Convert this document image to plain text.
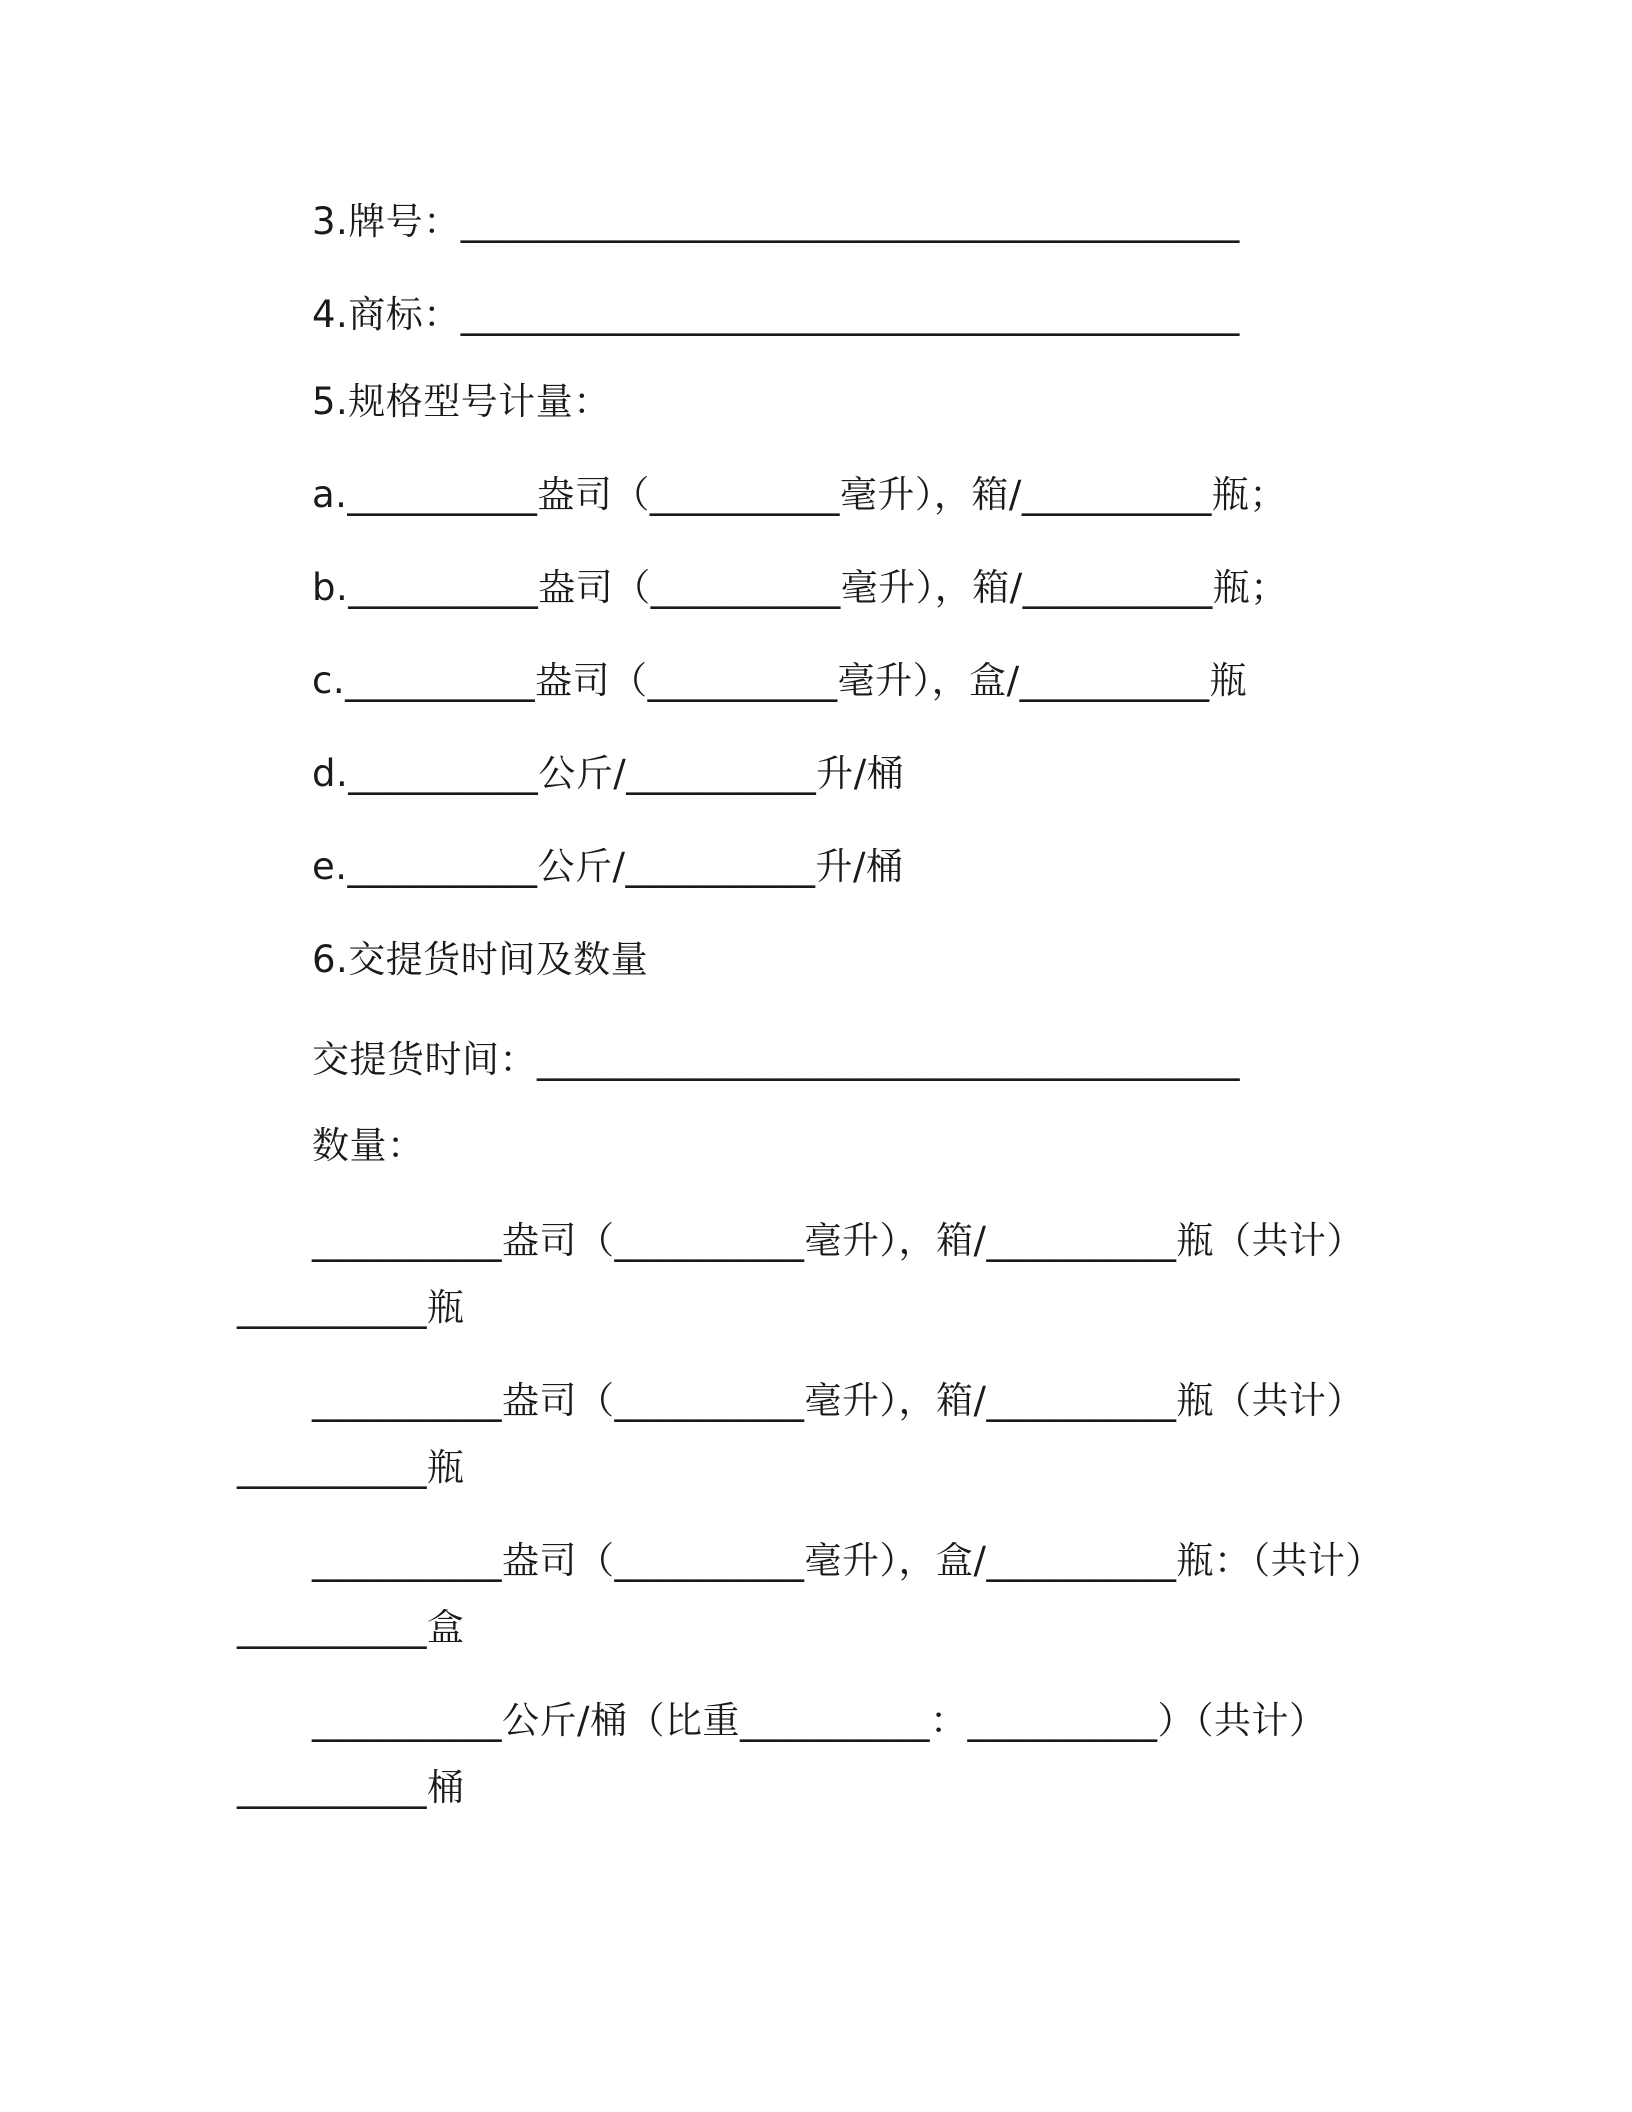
3.牌号：_________________________________________
4.商标：_________________________________________
5.规格型号计量：
a.__________盎司（__________毫升），箱/__________瓶；
b.__________盎司（__________毫升），箱/__________瓶；
c.__________盎司（__________毫升），盒/__________瓶
d.__________公斤/__________升/桶
e.__________公斤/__________升/桶
6.交提货时间及数量
交提货时间：_____________________________________
数量：
__________盎司（__________毫升），箱/__________瓶（共计）
__________瓶
__________盎司（__________毫升），箱/__________瓶（共计）
__________瓶
__________盎司（__________毫升），盒/__________瓶：（共计）
__________盒
__________公斤/桶（比重__________：__________）（共计）
__________桶
